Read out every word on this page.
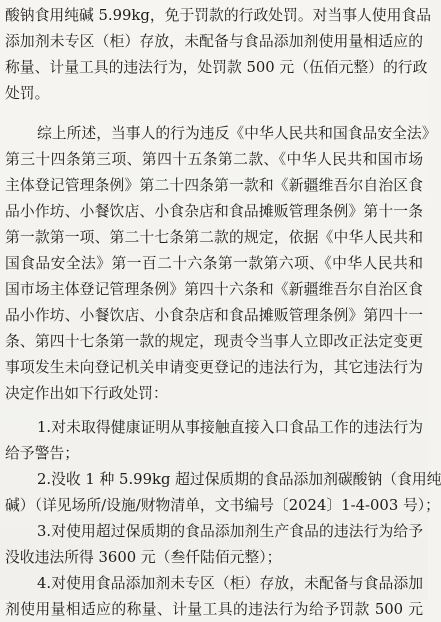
酸钠食用纯碱 5.99kg，免于罚款的行政处罚。对当事人使用食品
添加剂未专区（柜）存放，未配备与食品添加剂使用量相适应的
称量、计量工具的违法行为，处罚款 500 元（伍佰元整）的行政
处罚。
综上所述，当事人的行为违反《中华人民共和国食品安全法》
第三十四条第三项、第四十五条第二款、《中华人民共和国市场
主体登记管理条例》第二十四条第一款和《新疆维吾尔自治区食
品小作坊、小餐饮店、小食杂店和食品摊贩管理条例》第十一条
第一款第一项、第二十七条第二款的规定，依据《中华人民共和
国食品安全法》第一百二十六条第一款第六项、《中华人民共和
国市场主体登记管理条例》第四十六条和《新疆维吾尔自治区食
品小作坊、小餐饮店、小食杂店和食品摊贩管理条例》第四十一
条、第四十七条第一款的规定，现责令当事人立即改正法定变更
事项发生未向登记机关申请变更登记的违法行为，其它违法行为
决定作出如下行政处罚：
1.对未取得健康证明从事接触直接入口食品工作的违法行为
给予警告；
2.没收 1 种 5.99kg 超过保质期的食品添加剂碳酸钠（食用纯
碱）（详见场所/设施/财物清单，文书编号〔2024〕1-4-003 号）；
3.对使用超过保质期的食品添加剂生产食品的违法行为给予
没收违法所得 3600 元（叁仟陆佰元整）；
4.对使用食品添加剂未专区（柜）存放，未配备与食品添加
剂使用量相适应的称量、计量工具的违法行为给予罚款 500 元
